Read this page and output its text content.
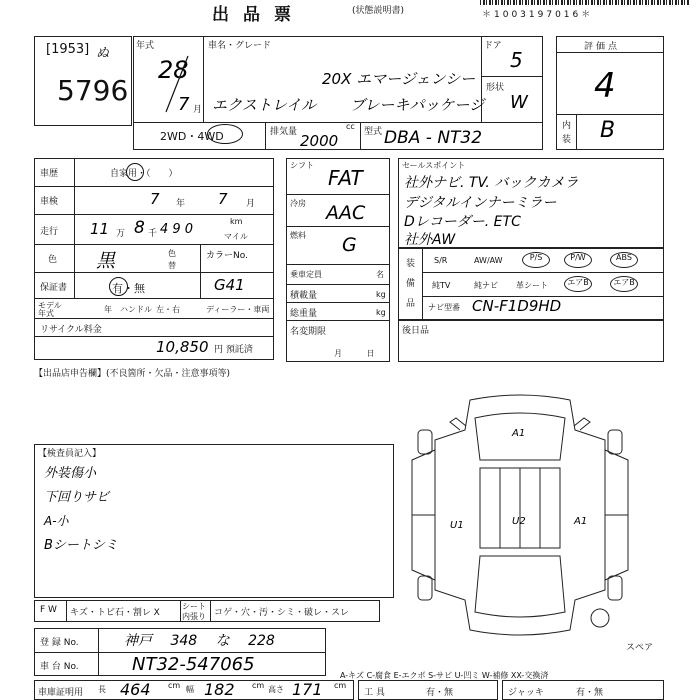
出品票	(状態説明書)	＊1003197016＊
[1953] ぬ
5796
年式
28
7 月
車名・グレード
20X エマージェンシー
エクストレイル ブレーキパッケージ
ドア
5
形状
W
2WD・4WD	排気量
cc
2000	型式 DBA - NT32
評価点
4
内
装 B
車歴	自家用・（　　）
車検	7 年 7 月
走行 11 万 8 千 4 9 0
km
マイル
色 黒	色
替
カラーNo.
保証書	有・無	G41
モデル
年式	年 ハンドル 左・右	ディーラー・車両
リサイクル料金
10,850 円 預託済
シフト
FAT
冷房 AAC
燃料 G
乗車定員	名
積載量	kg
総重量	kg
名変期限
月 日
セールスポイント
社外ナビ. TV. バックカメラ
デジタルインナーミラー
Dレコーダー. ETC
社外AW
装
備
品
S/R	AW/AW	P/S	P/W	ABS
純TV	純ナビ 革シート	エアB	エアB
ナビ型番 CN-F1D9HD
後日品
【出品店申告欄】(不良箇所・欠品・注意事項等)
【検査員記入】
外装傷小
下回りサビ
A-小
Bシートシミ
A1
U1	U2	A1
スペア
F W キズ・トビ石・割レ X
シート
内張り コゲ・穴・汚・シミ・破レ・スレ
登 録 No.	神戸 348 な 228
車 台 No.	NT32-547065
A-キズ C-腐食 E-エクボ S-サビ U-凹ミ W-補修 XX-交換済
車庫証明用 長 464 cm 幅 182 cm 高さ 171 cm
工 具	有・無	ジャッキ	有・無
